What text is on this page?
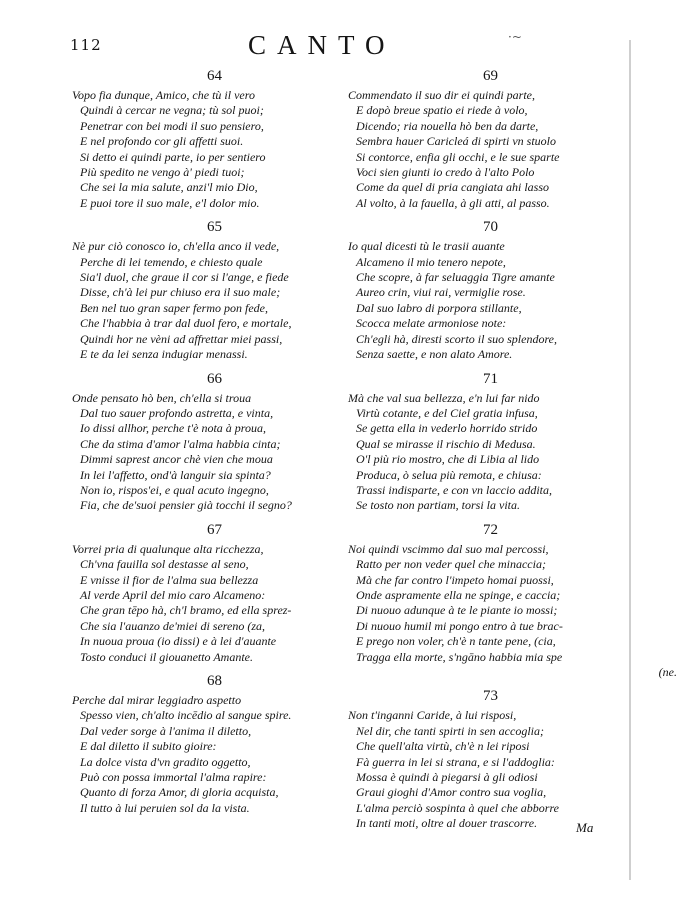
112	CANTO	·~
64
Vopo fia dunque, Amico, che tù il vero
Quindi à cercar ne vegna; tù sol puoi;
Penetrar con bei modi il suo pensiero,
E nel profondo cor gli affetti suoi.
Si detto ei quindi parte, io per sentiero
Più spedito ne vengo à' piedi tuoi;
Che sei la mia salute, anzi'l mio Dio,
E puoi tore il suo male, e'l dolor mio.
65
Nè pur ciò conosco io, ch'ella anco il vede,
Perche di lei temendo, e chiesto quale
Sia'l duol, che graue il cor si l'ange, e fiede
Disse, ch'à lei pur chiuso era il suo male;
Ben nel tuo gran saper fermo pon fede,
Che l'habbia à trar dal duol fero, e mortale,
Quindi hor ne vèni ad affrettar miei passi,
E te da lei senza indugiar menassi.
66
Onde pensato hò ben, ch'ella si troua
Dal tuo sauer profondo astretta, e vinta,
Io dissi allhor, perche t'è nota à proua,
Che da stima d'amor l'alma habbia cinta;
Dimmi saprest ancor chè vien che moua
In lei l'affetto, ond'à languir sia spinta?
Non io, rispos'ei, e qual acuto ingegno,
Fia, che de'suoi pensier già tocchi il segno?
67
Vorrei pria di qualunque alta ricchezza,
Ch'vna fauilla sol destasse al seno,
E vnisse il fior de l'alma sua bellezza
Al verde April del mio caro Alcameno:
Che gran tēpo hà, ch'l bramo, ed ella sprez-
Che sia l'auanzo de'miei di sereno (za,
In nuoua proua (io dissi) e à lei d'auante
Tosto conduci il giouanetto Amante.
68
Perche dal mirar leggiadro aspetto
Spesso vien, ch'alto incēdio al sangue spire.
Dal veder sorge à l'anima il diletto,
E dal diletto il subito gioire:
La dolce vista d'vn gradito oggetto,
Può con possa immortal l'alma rapire:
Quanto di forza Amor, di gloria acquista,
Il tutto à lui peruien sol da la vista.
69
Commendato il suo dir ei quindi parte,
E dopò breue spatio ei riede à volo,
Dicendo; ria nouella hò ben da darte,
Sembra hauer Caricleá di spirti vn stuolo
Si contorce, enfia gli occhi, e le sue sparte
Voci sien giunti io credo à l'alto Polo
Come da quel di pria cangiata ahi lasso
Al volto, à la fauella, à gli atti, al passo.
70
Io qual dicesti tù le trasii auante
Alcameno il mio tenero nepote,
Che scopre, à far seluaggia Tigre amante
Aureo crin, viui rai, vermiglie rose.
Dal suo labro di porpora stillante,
Scocca melate armoniose note:
Ch'egli hà, diresti scorto il suo splendore,
Senza saette, e non alato Amore.
71
Mà che val sua bellezza, e'n lui far nido
Virtù cotante, e del Ciel gratia infusa,
Se getta ella in vederlo horrido strido
Qual se mirasse il rischio di Medusa.
O'l più rio mostro, che di Libia al lido
Produca, ò selua più remota, e chiusa:
Trassi indisparte, e con vn laccio addita,
Se tosto non partiam, torsi la vita.
72
Noi quindi vscimmo dal suo mal percossi,
Ratto per non veder quel che minaccia;
Mà che far contro l'impeto homai puossi,
Onde aspramente ella ne spinge, e caccia;
Di nuouo adunque à te le piante io mossi;
Di nuouo humil mi pongo entro à tue brac-
E prego non voler, ch'è n tante pene, (cia,
Tragga ella morte, s'ngāno habbia mia spe
(ne.
73
Non t'inganni Caride, à lui risposi,
Nel dir, che tanti spirti in sen accoglia;
Che quell'alta virtù, ch'è n lei riposi
Fà guerra in lei si strana, e si l'addoglia:
Mossa è quindi à piegarsi à gli odiosi
Graui gioghi d'Amor contro sua voglia,
L'alma perciò sospinta à quel che abborre
In tanti moti, oltre al douer trascorre.	Ma
